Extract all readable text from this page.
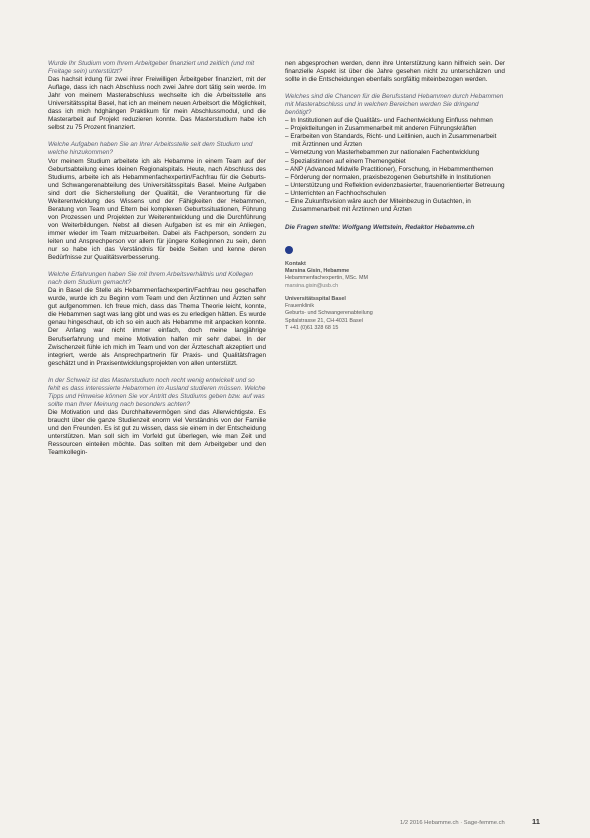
Wurde Ihr Studium vom Ihrem Arbeitgeber finanziert und zeitlich (und mit Freitage sein) unterstützt?

Das hachsit irdung für zwei ihrer Freiwilligen Ärbeitgeber finanziert, mit der Auflage, dass ich nach Abschluss noch zwei Jahre dort tätig sein werde. Im Jahr von meinem Masterabschluss wechselte ich die Arbeitsstelle ans Universitätsspital Basel, hat ich an meinem neuen Arbeitsort die Möglichkeit, dass ich mich hdghängen Praktikum für mein Abschlussmodul, und die Masterarbeit auf Projekt reduzieren konnte. Das Masterstudium habe ich selbst zu 75 Prozent finanziert.

Welche Aufgaben haben Sie an Ihrer Arbeitsstelle seit dem Studium und welche hinzukommen?

Vor meinem Studium arbeitete ich als Hebamme in einem Team auf der Geburtsabteilung eines kleinen Regionalspitals. Heute, nach Abschluss des Studiums, arbeite ich als Hebammenfachexpertin/Fachfrau für die Geburts- und Schwangerenabteilung des Universitätsspitals Basel. Meine Aufgaben sind dort die Sicherstellung der Qualität, die Verantwortung für die Weiterentwicklung des Wissens und der Fähigkeiten der Hebammen, Beratung von Team und Eltern bei komplexen Geburtssituationen, Führung von Prozessen und Projekten zur Weiterentwicklung und die Durchführung von Weiterbildungen. Nebst all diesen Aufgaben ist es mir ein Anliegen, immer wieder im Team mitzuarbeiten. Dabei als Fachperson, sondern zu leiten und Ansprechperson vor allem für jüngere Kolleginnen zu sein, denn nur so habe ich das Verständnis für beide Seiten und kenne deren Bedürfnisse zur Qualitätsverbesserung.

Welche Erfahrungen haben Sie mit Ihrem Arbeitsverhältnis und Kollegen nach dem Studium gemacht?

Da in Basel die Stelle als Hebammenfachexpertin/Fachfrau neu geschaffen wurde, wurde ich zu Beginn vom Team und den Ärztinnen und Ärzten sehr gut aufgenommen. Ich freue mich, dass das Thema Theorie leicht, konnte, die Hebammen sagt was lang gibt und was es zu erledigen hätten. Es wurde genau hingeschaut, ob ich so ein auch als Hebamme mit anpacken konnte. Der Anfang war nicht immer einfach, doch meine langjährige Berufserfahrung und meine Motivation halfen mir sehr dabei. In der Zwischenzeit fühle ich mich im Team und von der Ärzteschaft akzeptiert und integriert, werde als Ansprechpartnerin für Praxis- und Qualitätsfragen geschätzt und in Praxisentwicklungsprojekten von allen unterstützt.

In der Schweiz ist das Masterstudium noch recht wenig entwickelt und so fehlt es dass interessierte Hebammen im Ausland studieren müssen. Welche Tipps und Hinweise können Sie vor Antritt des Studiums geben bzw. auf was sollte man Ihrer Meinung nach besonders achten?

Die Motivation und das Durchhaltevermögen sind das Allerwichtigste. Es braucht über die ganze Studienzeit enorm viel Verständnis von der Familie und den Freunden. Es ist gut zu wissen, dass sie einem in der Entscheidung unterstützen. Man soll sich im Vorfeld gut überlegen, wie man Zeit und Ressourcen einteilen möchte. Das sollten mit dem Arbeitgeber und den Teamkollegin-

nen abgesprochen werden, denn ihre Unterstützung kann hilfreich sein. Der finanzielle Aspekt ist über die Jahre gesehen nicht zu unterschätzen und sollte in die Entscheidungen ebenfalls sorgfältig miteinbezogen werden.

Welches sind die Chancen für die Berufsstand Hebammen durch Hebammen mit Masterabschluss und in welchen Bereichen werden Sie dringend benötigt?

– In Institutionen auf die Qualitäts- und Fachentwicklung Einfluss nehmen
– Projektleitungen in Zusammenarbeit mit anderen Führungskräften
– Erarbeiten von Standards, Richt- und Leitlinien, auch in Zusammenarbeit mit Ärztinnen und Ärzten
– Vernetzung von Masterhebammen zur nationalen Fachentwicklung
– Spezialistinnen auf einem Themengebiet
– ANP (Advanced Midwife Practitioner), Forschung, in Hebammenthemen
– Förderung der normalen, praxisbezogenen Geburtshilfe in Institutionen
– Unterstützung und Reflektion evidenzbasierter, frauenorientierter Betreuung
– Unterrichten an Fachhochschulen
– Eine Zukunftsvision wäre auch der Miteinbezug in Gutachten, in Zusammenarbeit mit Ärztinnen und Ärzten

Die Fragen stellte: Wolfgang Wettstein, Redaktor Hebamme.ch

Kontakt

Marsina Gisin, Hebamme

Hebammenfachexpertin, MSc. MM

marsina.gisin@usb.ch

Universitätsspital Basel

Frauenklinik

Geburts- und Schwangerenabteilung

Spitalstrasse 21, CH-4031 Basel

T +41 (0)61 328 68 15

1/2 2016 Hebamme.ch · Sage-femme.ch	11
